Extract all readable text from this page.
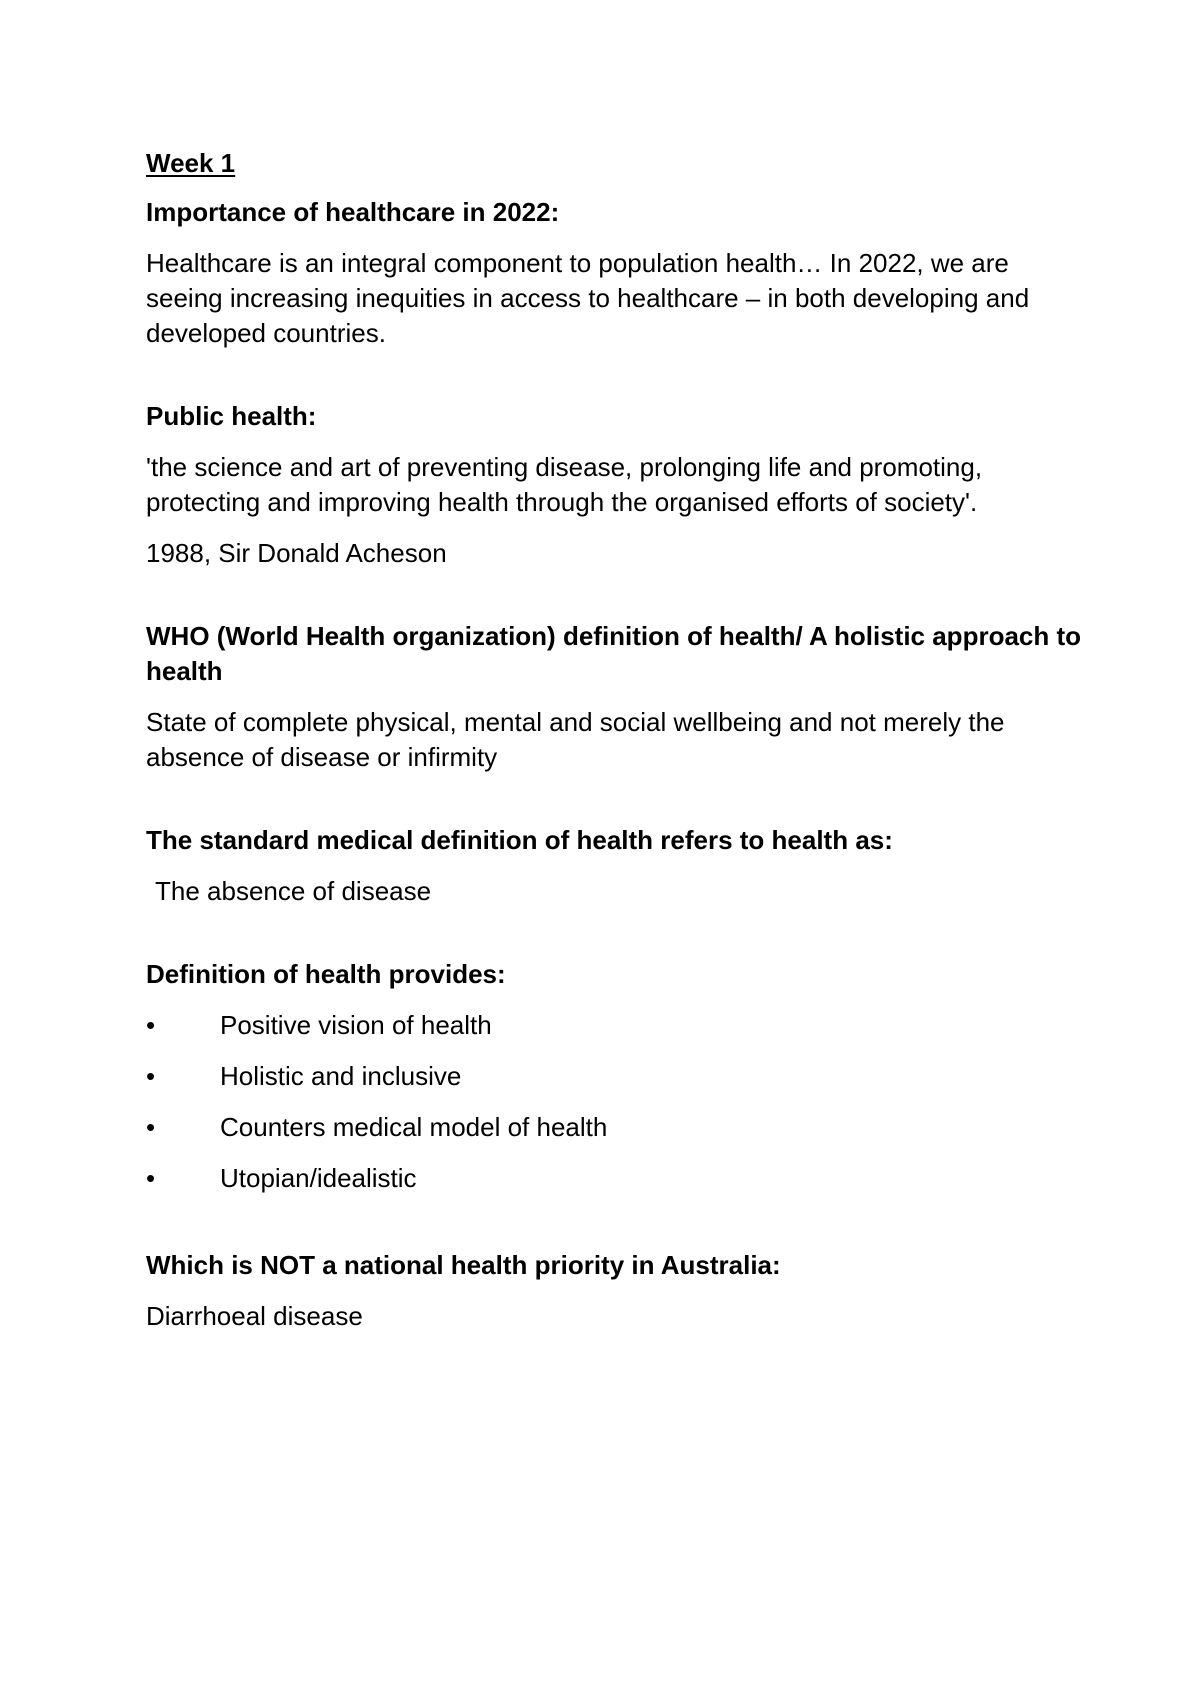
Week 1
Importance of healthcare in 2022:
Healthcare is an integral component to population health… In 2022, we are seeing increasing inequities in access to healthcare – in both developing and developed countries.
Public health:
'the science and art of preventing disease, prolonging life and promoting, protecting and improving health through the organised efforts of society'.
1988, Sir Donald Acheson
WHO (World Health organization) definition of health/ A holistic approach to health
State of complete physical, mental and social wellbeing and not merely the absence of disease or infirmity
The standard medical definition of health refers to health as:
The absence of disease
Definition of health provides:
• Positive vision of health
• Holistic and inclusive
• Counters medical model of health
• Utopian/idealistic
Which is NOT a national health priority in Australia:
Diarrhoeal disease
